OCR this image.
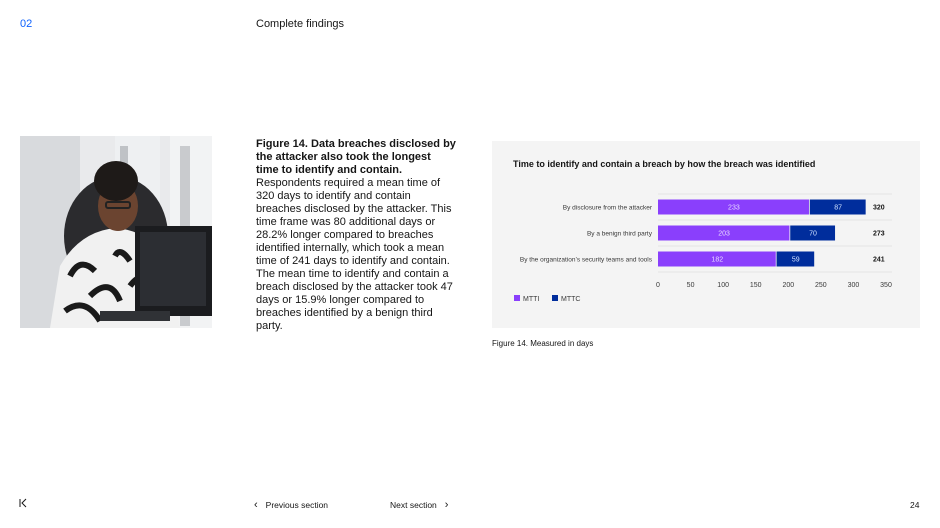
02	Complete findings
Figure 14. Data breaches disclosed by the attacker also took the longest time to identify and contain.
Respondents required a mean time of 320 days to identify and contain breaches disclosed by the attacker. This time frame was 80 additional days or 28.2% longer compared to breaches identified internally, which took a mean time of 241 days to identify and contain. The mean time to identify and contain a breach disclosed by the attacker took 47 days or 15.9% longer compared to breaches identified by a benign third party.
Time to identify and contain a breach by how the breach was identified
By disclosure from the attacker	233	87	320
By a benign third party	203	70	273
By the organization’s security teams and tools	182	59	241
0	50	100	150	200	250	300	350
MTTI	MTTC
Figure 14. Measured in days
‹ Previous section	Next section ›	24
